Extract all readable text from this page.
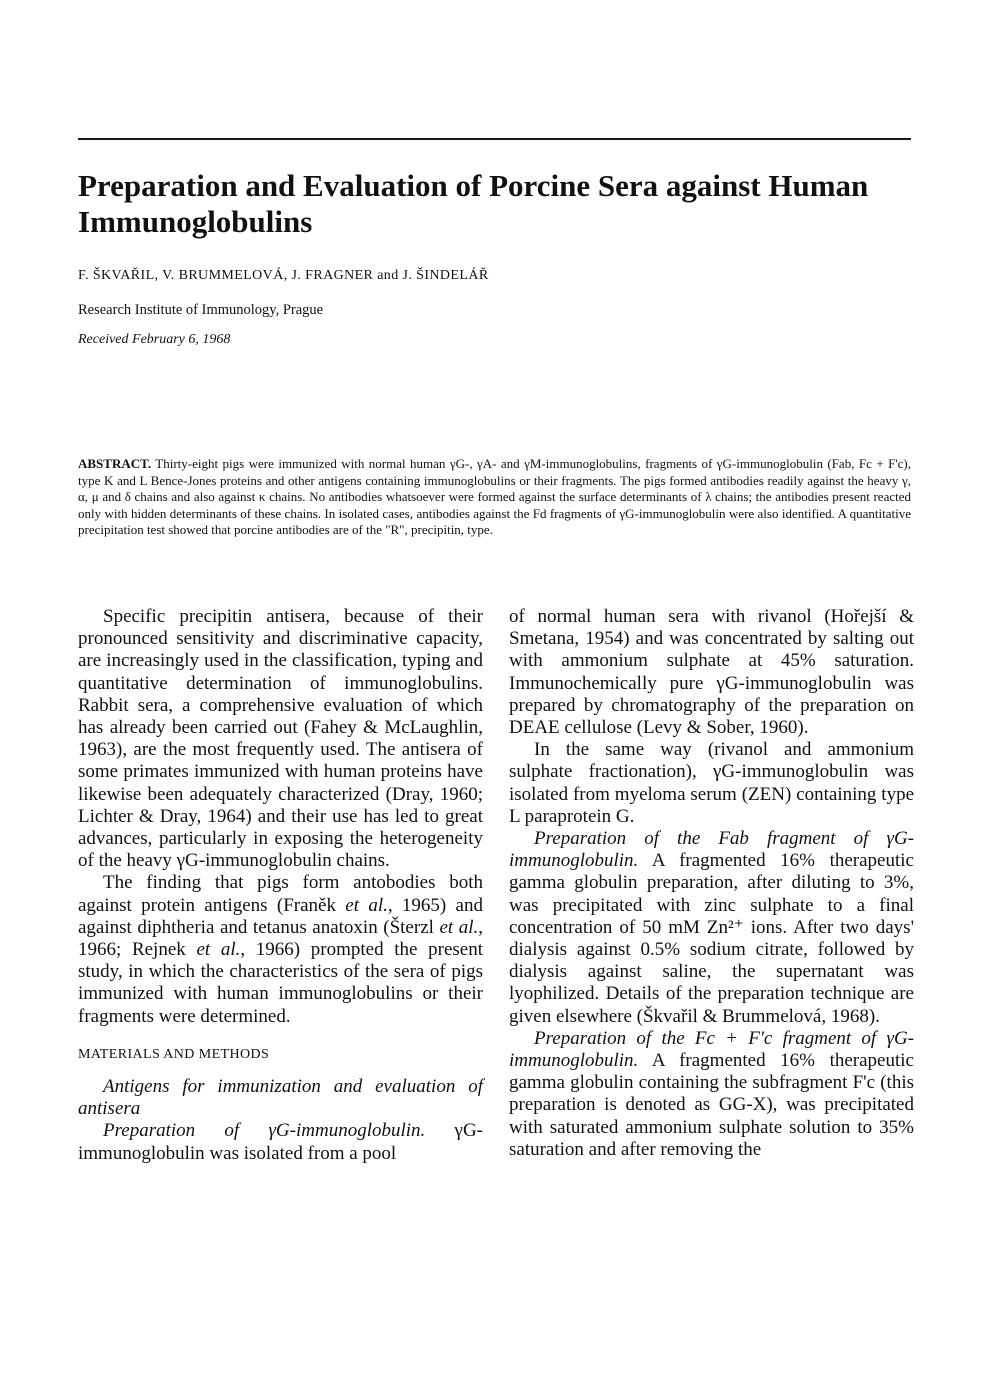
Preparation and Evaluation of Porcine Sera against Human Immunoglobulins
F. ŠKVAŘIL, V. BRUMMELOVÁ, J. FRAGNER and J. ŠINDELÁŘ
Research Institute of Immunology, Prague
Received February 6, 1968

ABSTRACT. Thirty-eight pigs were immunized with normal human γG-, γA- and γM-immunoglobulins, fragments of γG-immunoglobulin (Fab, Fc + F'c), type K and L Bence-Jones proteins and other antigens containing immunoglobulins or their fragments. The pigs formed antibodies readily against the heavy γ, α, μ and δ chains and also against κ chains. No antibodies whatsoever were formed against the surface determinants of λ chains; the antibodies present reacted only with hidden determinants of these chains. In isolated cases, antibodies against the Fd fragments of γG-immunoglobulin were also identified. A quantitative precipitation test showed that porcine antibodies are of the "R", precipitin, type.

Specific precipitin antisera, because of their pronounced sensitivity and discriminative capacity, are increasingly used in the classification, typing and quantitative determination of immunoglobulins. Rabbit sera, a comprehensive evaluation of which has already been carried out (Fahey & McLaughlin, 1963), are the most frequently used. The antisera of some primates immunized with human proteins have likewise been adequately characterized (Dray, 1960; Lichter & Dray, 1964) and their use has led to great advances, particularly in exposing the heterogeneity of the heavy γG-immunoglobulin chains.

The finding that pigs form antobodies both against protein antigens (Franěk et al., 1965) and against diphtheria and tetanus anatoxin (Šterzl et al., 1966; Rejnek et al., 1966) prompted the present study, in which the characteristics of the sera of pigs immunized with human immunoglobulins or their fragments were determined.

MATERIALS AND METHODS

Antigens for immunization and evaluation of antisera

Preparation of γG-immunoglobulin. γG-immunoglobulin was isolated from a pool

of normal human sera with rivanol (Hořejší & Smetana, 1954) and was concentrated by salting out with ammonium sulphate at 45% saturation. Immunochemically pure γG-immunoglobulin was prepared by chromatography of the preparation on DEAE cellulose (Levy & Sober, 1960).

In the same way (rivanol and ammonium sulphate fractionation), γG-immunoglobulin was isolated from myeloma serum (ZEN) containing type L paraprotein G.

Preparation of the Fab fragment of γG-immunoglobulin. A fragmented 16% therapeutic gamma globulin preparation, after diluting to 3%, was precipitated with zinc sulphate to a final concentration of 50 mM Zn²⁺ ions. After two days' dialysis against 0.5% sodium citrate, followed by dialysis against saline, the supernatant was lyophilized. Details of the preparation technique are given elsewhere (Škvařil & Brummelová, 1968).

Preparation of the Fc + F'c fragment of γG-immunoglobulin. A fragmented 16% therapeutic gamma globulin containing the subfragment F'c (this preparation is denoted as GG-X), was precipitated with saturated ammonium sulphate solution to 35% saturation and after removing the
